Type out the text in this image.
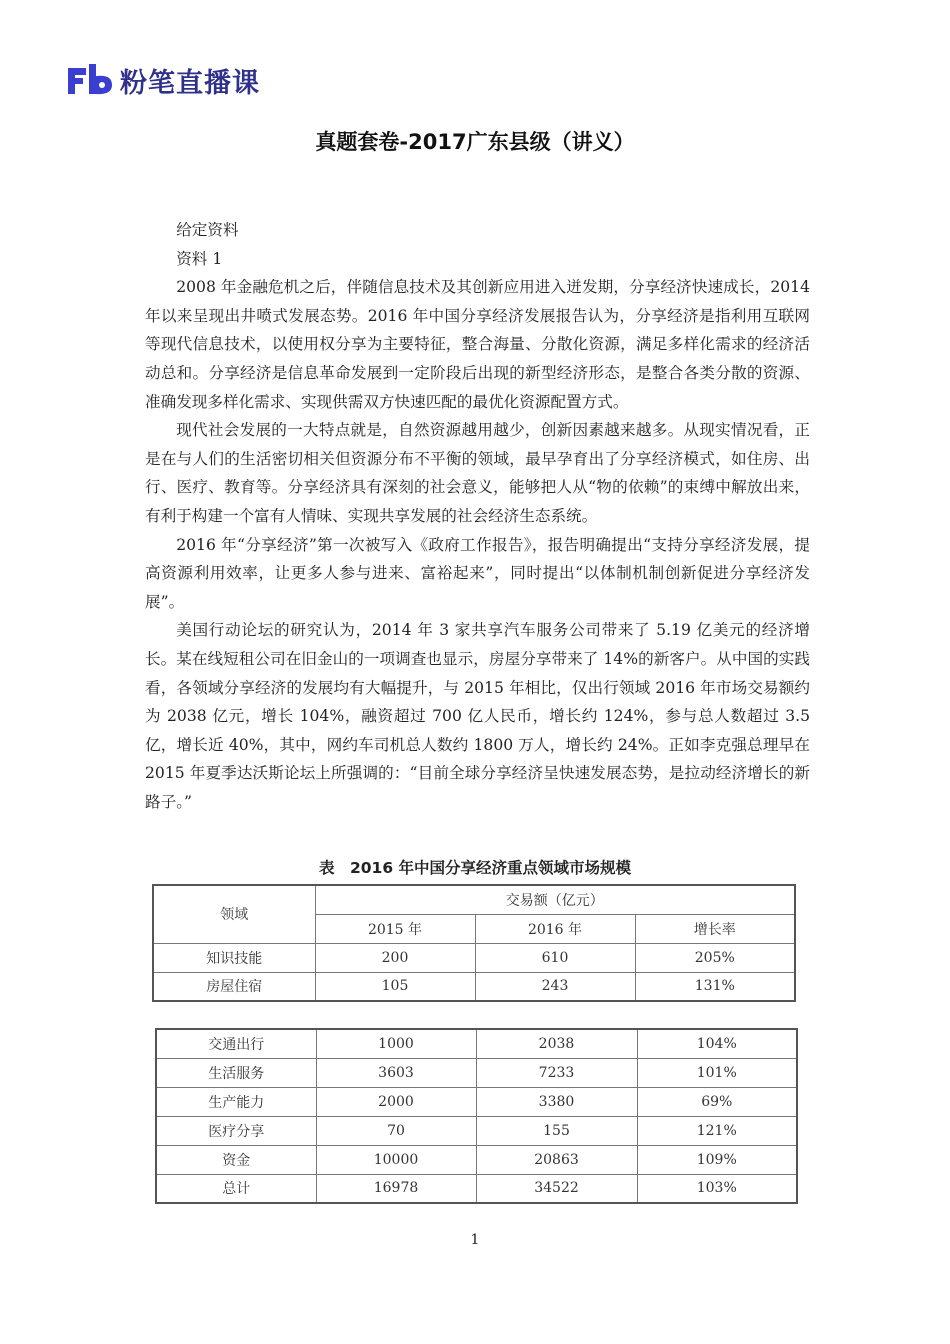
粉笔直播课
真题套卷-2017广东县级（讲义）

给定资料

资料 1

2008 年金融危机之后，伴随信息技术及其创新应用进入迸发期，分享经济快速成长，2014 年以来呈现出井喷式发展态势。2016 年中国分享经济发展报告认为，分享经济是指利用互联网等现代信息技术，以使用权分享为主要特征，整合海量、分散化资源，满足多样化需求的经济活动总和。分享经济是信息革命发展到一定阶段后出现的新型经济形态，是整合各类分散的资源、准确发现多样化需求、实现供需双方快速匹配的最优化资源配置方式。

现代社会发展的一大特点就是，自然资源越用越少，创新因素越来越多。从现实情况看，正是在与人们的生活密切相关但资源分布不平衡的领域，最早孕育出了分享经济模式，如住房、出行、医疗、教育等。分享经济具有深刻的社会意义，能够把人从“物的依赖”的束缚中解放出来，有利于构建一个富有人情味、实现共享发展的社会经济生态系统。

2016 年“分享经济”第一次被写入《政府工作报告》，报告明确提出“支持分享经济发展，提高资源利用效率，让更多人参与进来、富裕起来”，同时提出“以体制机制创新促进分享经济发展”。

美国行动论坛的研究认为，2014 年 3 家共享汽车服务公司带来了 5.19 亿美元的经济增长。某在线短租公司在旧金山的一项调查也显示，房屋分享带来了 14%的新客户。从中国的实践看，各领域分享经济的发展均有大幅提升，与 2015 年相比，仅出行领域 2016 年市场交易额约为 2038 亿元，增长 104%，融资超过 700 亿人民币，增长约 124%，参与总人数超过 3.5 亿，增长近 40%，其中，网约车司机总人数约 1800 万人，增长约 24%。正如李克强总理早在 2015 年夏季达沃斯论坛上所强调的：“目前全球分享经济呈快速发展态势，是拉动经济增长的新路子。”

表　2016 年中国分享经济重点领域市场规模
领域	交易额（亿元）		
	2015 年	2016 年	增长率
知识技能	200	610	205%
房屋住宿	105	243	131%
交通出行	1000	2038	104%
生活服务	3603	7233	101%
生产能力	2000	3380	69%
医疗分享	70	155	121%
资金	10000	20863	109%
总计	16978	34522	103%
1
